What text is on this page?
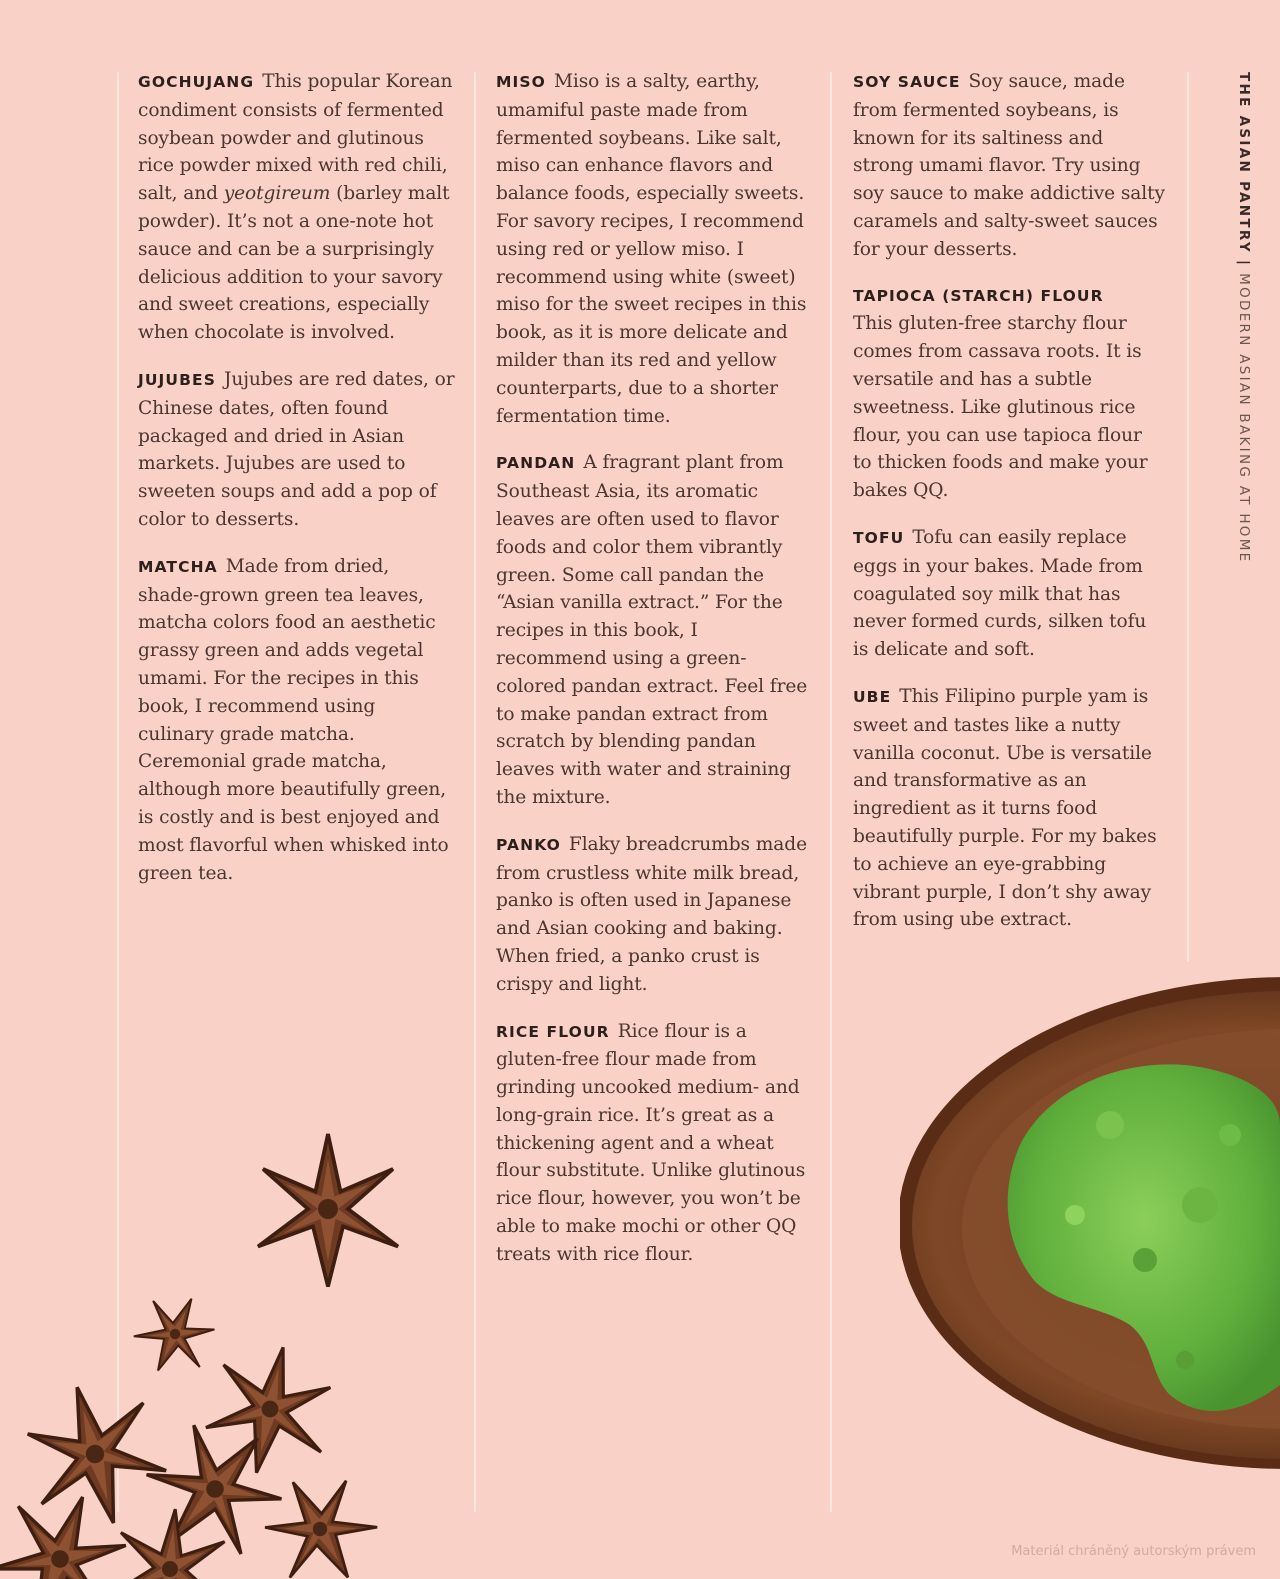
GOCHUJANG This popular Korean condiment consists of fermented soybean powder and glutinous rice powder mixed with red chili, salt, and yeotgireum (barley malt powder). It’s not a one-note hot sauce and can be a surprisingly delicious addition to your savory and sweet creations, especially when chocolate is involved.

JUJUBES Jujubes are red dates, or Chinese dates, often found packaged and dried in Asian markets. Jujubes are used to sweeten soups and add a pop of color to desserts.

MATCHA Made from dried, shade-grown green tea leaves, matcha colors food an aesthetic grassy green and adds vegetal umami. For the recipes in this book, I recommend using culinary grade matcha. Ceremonial grade matcha, although more beautifully green, is costly and is best enjoyed and most flavorful when whisked into green tea.

MISO Miso is a salty, earthy, umamiful paste made from fermented soybeans. Like salt, miso can enhance flavors and balance foods, especially sweets. For savory recipes, I recommend using red or yellow miso. I recommend using white (sweet) miso for the sweet recipes in this book, as it is more delicate and milder than its red and yellow counterparts, due to a shorter fermentation time.

PANDAN A fragrant plant from Southeast Asia, its aromatic leaves are often used to flavor foods and color them vibrantly green. Some call pandan the “Asian vanilla extract.” For the recipes in this book, I recommend using a green-colored pandan extract. Feel free to make pandan extract from scratch by blending pandan leaves with water and straining the mixture.

PANKO Flaky breadcrumbs made from crustless white milk bread, panko is often used in Japanese and Asian cooking and baking. When fried, a panko crust is crispy and light.

RICE FLOUR Rice flour is a gluten-free flour made from grinding uncooked medium- and long-grain rice. It’s great as a thickening agent and a wheat flour substitute. Unlike glutinous rice flour, however, you won’t be able to make mochi or other QQ treats with rice flour.

SOY SAUCE Soy sauce, made from fermented soybeans, is known for its saltiness and strong umami flavor. Try using soy sauce to make addictive salty caramels and salty-sweet sauces for your desserts.

TAPIOCA (STARCH) FLOUR
This gluten-free starchy flour comes from cassava roots. It is versatile and has a subtle sweetness. Like glutinous rice flour, you can use tapioca flour to thicken foods and make your bakes QQ.

TOFU Tofu can easily replace eggs in your bakes. Made from coagulated soy milk that has never formed curds, silken tofu is delicate and soft.

UBE This Filipino purple yam is sweet and tastes like a nutty vanilla coconut. Ube is versatile and transformative as an ingredient as it turns food beautifully purple. For my bakes to achieve an eye-grabbing vibrant purple, I don’t shy away from using ube extract.

THE ASIAN PANTRY|MODERN ASIAN BAKING AT HOME
Materiál chráněný autorským právem
